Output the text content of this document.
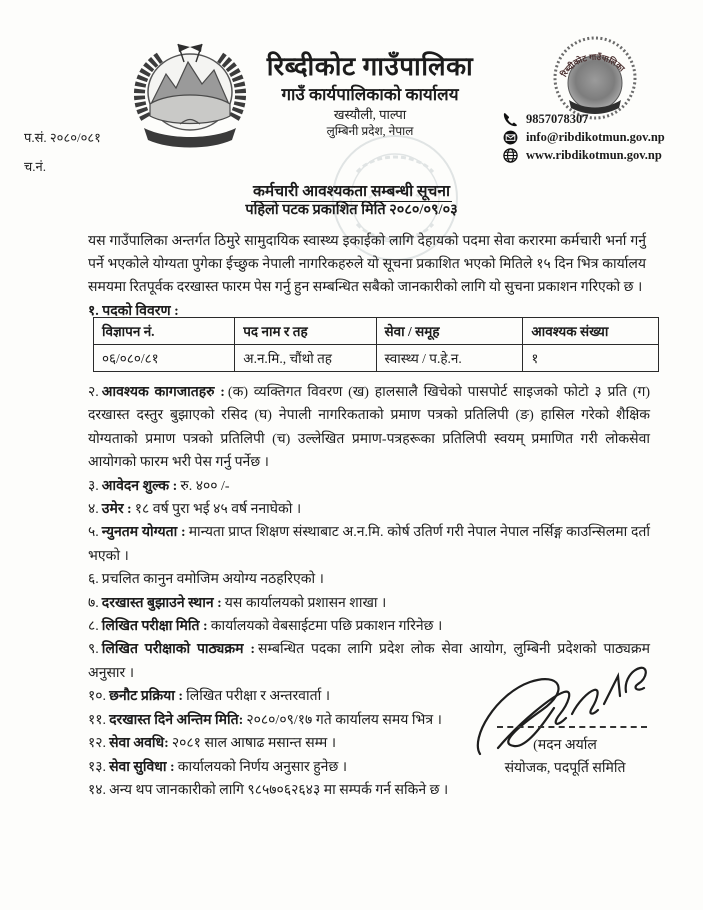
रिब्दीकोट गाउँपालिका
गाउँ कार्यपालिकाको कार्यालय
खस्यौली, पाल्पा
लुम्बिनी प्रदेश, नेपाल
रिब्दीकोट गाउँपालिका
9857078307
info@ribdikotmun.gov.np
www.ribdikotmun.gov.np
प.सं. २०८०/०८१
च.नं.
कर्मचारी आवश्यकता सम्बन्धी सूचना
पहिलो पटक प्रकाशित मिति २०८०/०९/०३
यस गाउँपालिका अन्तर्गत ठिमुरे सामुदायिक स्वास्थ्य इकाईको लागि देहायको पदमा सेवा करारमा कर्मचारी भर्ना गर्नु पर्ने भएकोले योग्यता पुगेका ईच्छुक नेपाली नागरिकहरुले यो सूचना प्रकाशित भएको मितिले १५ दिन भित्र कार्यालय समयमा रितपूर्वक दरखास्त फारम पेस गर्नु हुन सम्बन्धित सबैको जानकारीको लागि यो सुचना प्रकाशन गरिएको छ ।
१. पदको विवरण :
विज्ञापन नं.	पद नाम र तह	सेवा / समूह	आवश्यक संख्या
०६/०८०/८१	अ.न.मि., चौंथो तह	स्वास्थ्य / प.हे.न.	१
२. आवश्यक कागजातहरु : (क) व्यक्तिगत विवरण (ख) हालसालै खिचेको पासपोर्ट साइजको फोटो ३ प्रति (ग) दरखास्त दस्तुर बुझाएको रसिद (घ) नेपाली नागरिकताको प्रमाण पत्रको प्रतिलिपी (ङ) हासिल गरेको शैक्षिक योग्यताको प्रमाण पत्रको प्रतिलिपी (च) उल्लेखित प्रमाण-पत्रहरूका प्रतिलिपी स्वयम् प्रमाणित गरी लोकसेवा आयोगको फारम भरी पेस गर्नु पर्नेछ ।
३. आवेदन शुल्क : रु. ४०० /-
४. उमेर : १८ वर्ष पुरा भई ४५ वर्ष ननाघेको ।
५. न्युनतम योग्यता : मान्यता प्राप्त शिक्षण संस्थाबाट अ.न.मि. कोर्ष उतिर्ण गरी नेपाल नेपाल नर्सिङ्ग काउन्सिलमा दर्ता भएको ।
६. प्रचलित कानुन वमोजिम अयोग्य नठहरिएको ।
७. दरखास्त बुझाउने स्थान : यस कार्यालयको प्रशासन शाखा ।
८. लिखित परीक्षा मिति : कार्यालयको वेबसाईटमा पछि प्रकाशन गरिनेछ ।
९. लिखित परीक्षाको पाठ्यक्रम : सम्बन्धित पदका लागि प्रदेश लोक सेवा आयोग, लुम्बिनी प्रदेशको पाठ्यक्रम अनुसार ।
१०. छनौट प्रक्रिया : लिखित परीक्षा र अन्तरवार्ता ।
११. दरखास्त दिने अन्तिम मिति: २०८०/०९/१७ गते कार्यालय समय भित्र ।
१२. सेवा अवधि: २०८१ साल आषाढ मसान्त सम्म ।
१३. सेवा सुविधा : कार्यालयको निर्णय अनुसार हुनेछ ।
१४. अन्य थप जानकारीको लागि ९८५७०६२६४३ मा सम्पर्क गर्न सकिने छ ।
(मदन अर्याल
संयोजक, पदपूर्ति समिति
